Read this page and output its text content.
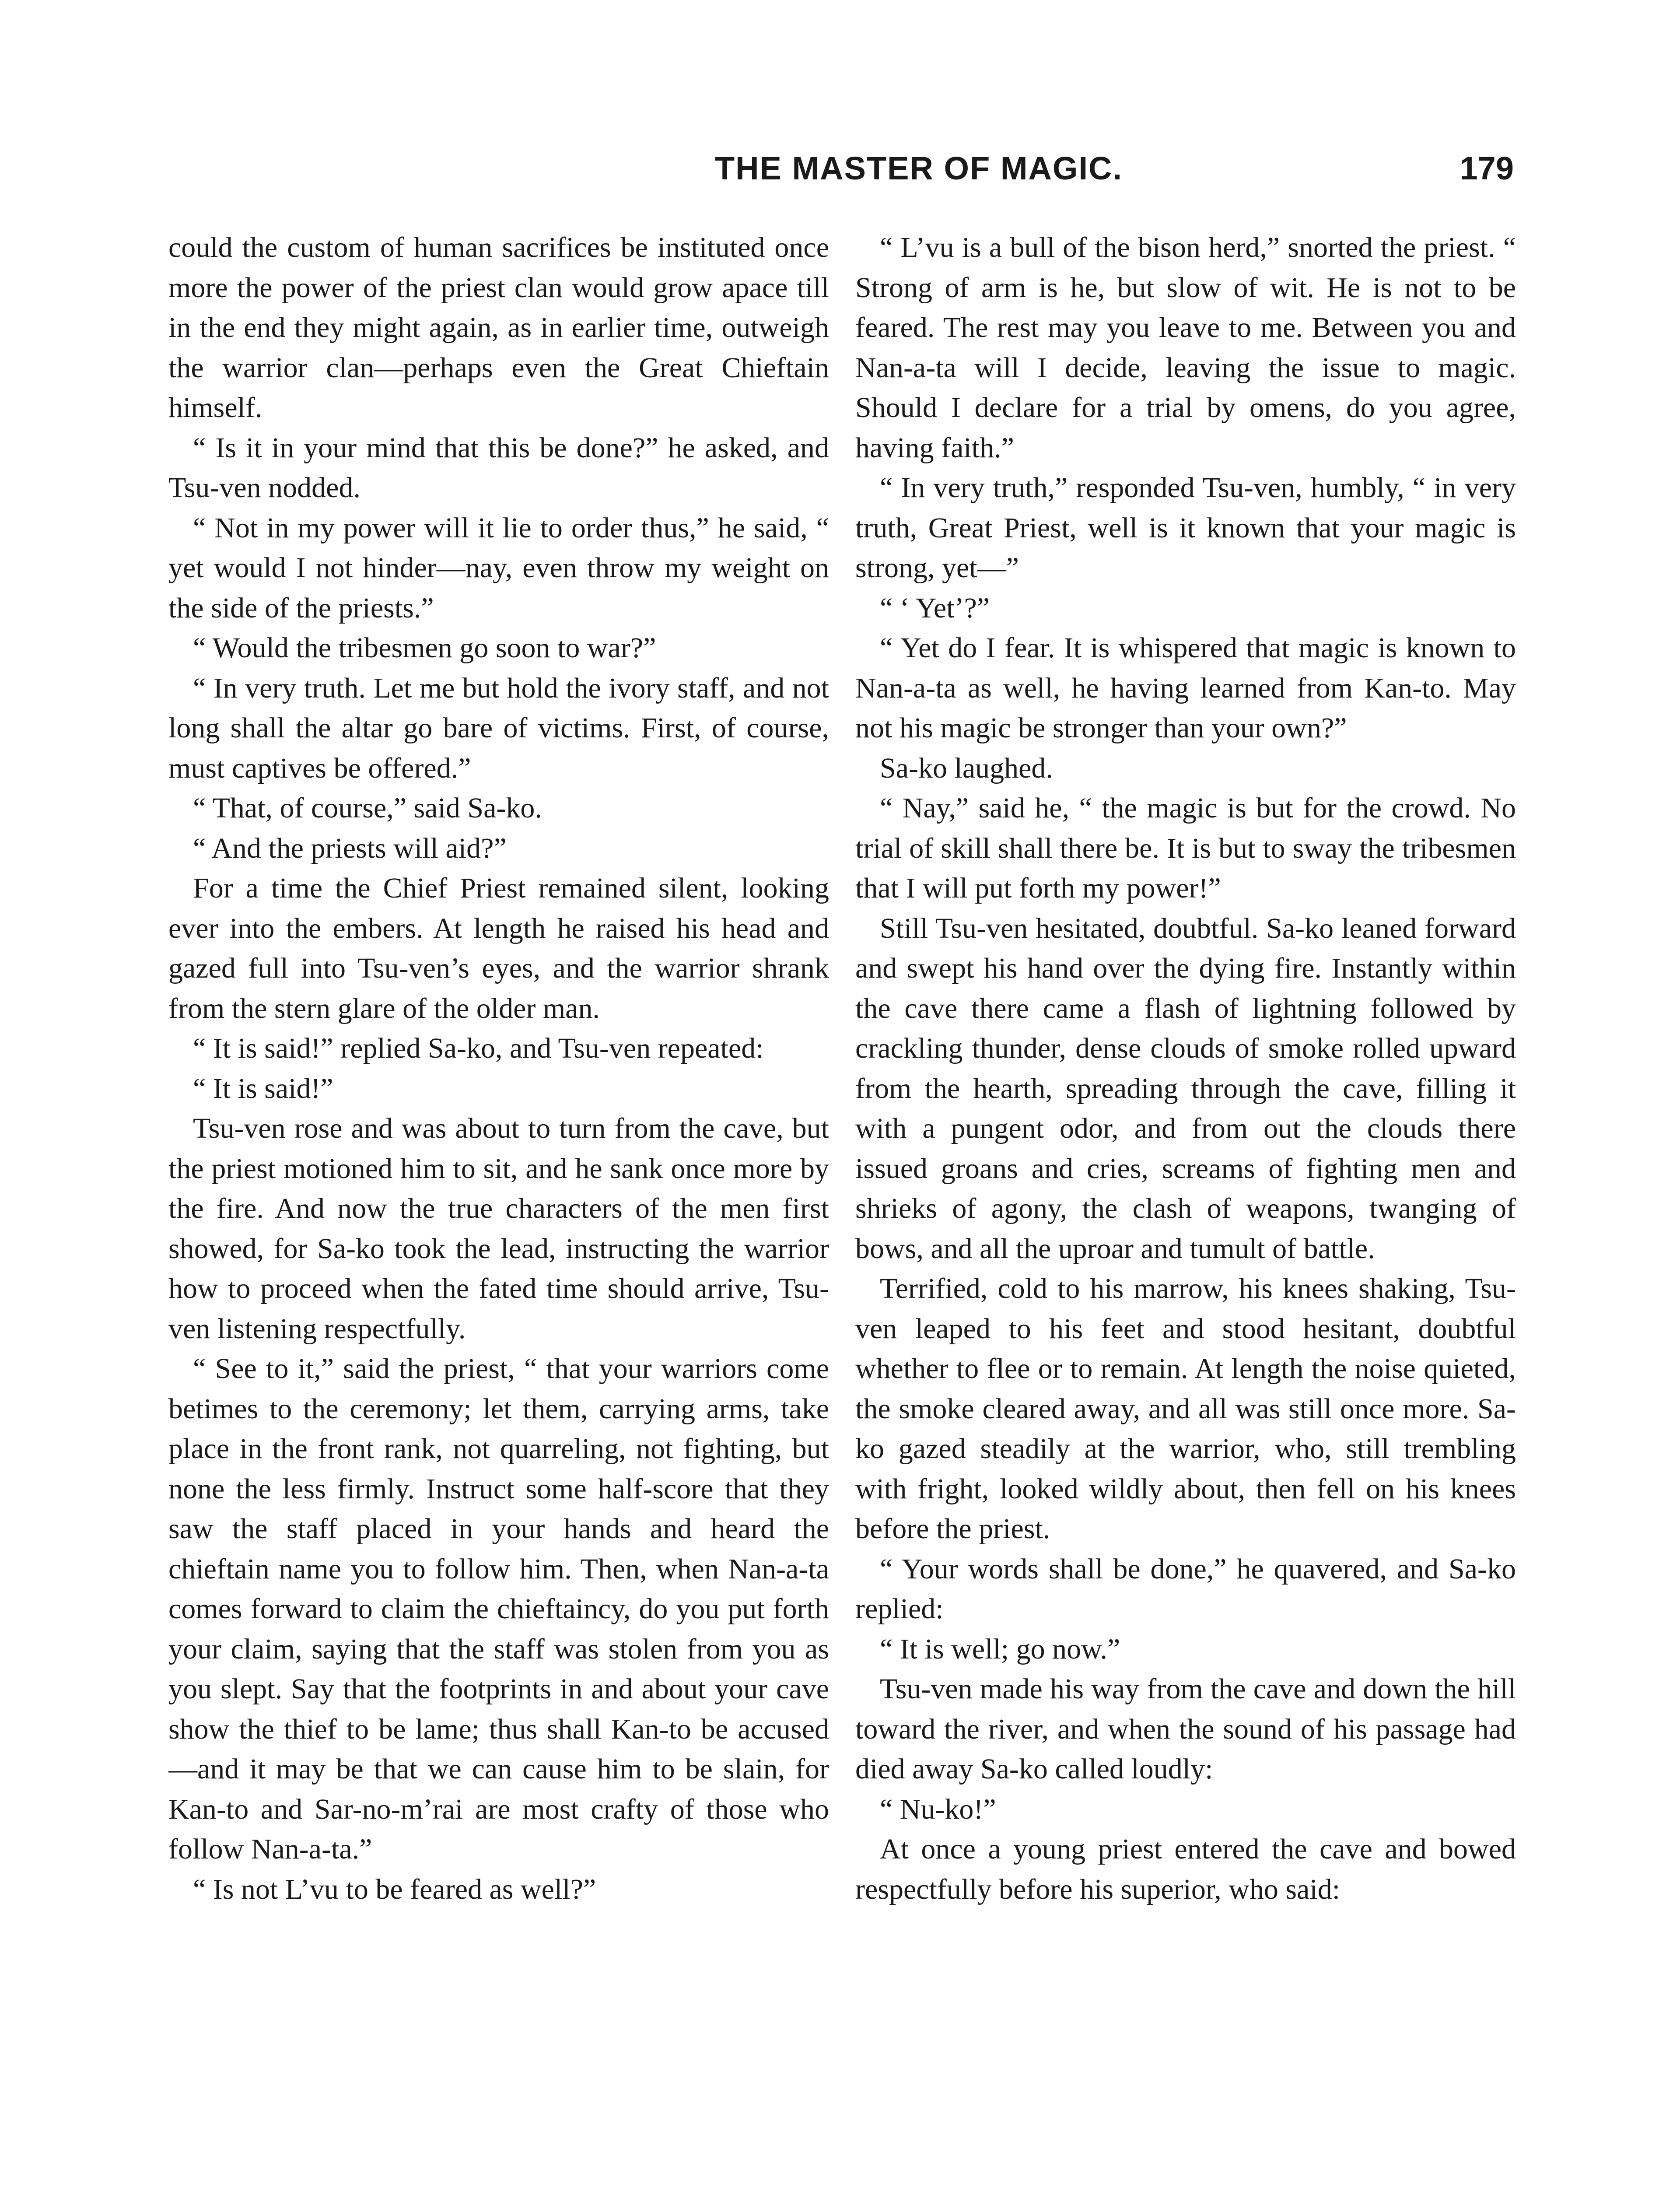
THE MASTER OF MAGIC.	179

could the custom of human sacrifices be instituted once more the power of the priest clan would grow apace till in the end they might again, as in earlier time, outweigh the warrior clan—perhaps even the Great Chieftain himself.

“ Is it in your mind that this be done?” he asked, and Tsu-ven nodded.

“ Not in my power will it lie to order thus,” he said, “ yet would I not hinder—nay, even throw my weight on the side of the priests.”

“ Would the tribesmen go soon to war?”

“ In very truth. Let me but hold the ivory staff, and not long shall the altar go bare of victims. First, of course, must captives be offered.”

“ That, of course,” said Sa-ko.

“ And the priests will aid?”

For a time the Chief Priest remained silent, looking ever into the embers. At length he raised his head and gazed full into Tsu-ven’s eyes, and the warrior shrank from the stern glare of the older man.

“ It is said!” replied Sa-ko, and Tsu-ven repeated:

“ It is said!”

Tsu-ven rose and was about to turn from the cave, but the priest motioned him to sit, and he sank once more by the fire. And now the true characters of the men first showed, for Sa-ko took the lead, instructing the warrior how to proceed when the fated time should arrive, Tsu-ven listening respectfully.

“ See to it,” said the priest, “ that your warriors come betimes to the ceremony; let them, carrying arms, take place in the front rank, not quarreling, not fighting, but none the less firmly. Instruct some half-score that they saw the staff placed in your hands and heard the chieftain name you to follow him. Then, when Nan-a-ta comes forward to claim the chieftaincy, do you put forth your claim, saying that the staff was stolen from you as you slept. Say that the footprints in and about your cave show the thief to be lame; thus shall Kan-to be accused—and it may be that we can cause him to be slain, for Kan-to and Sar-no-m’rai are most crafty of those who follow Nan-a-ta.”

“ Is not L’vu to be feared as well?”

“ L’vu is a bull of the bison herd,” snorted the priest. “ Strong of arm is he, but slow of wit. He is not to be feared. The rest may you leave to me. Between you and Nan-a-ta will I decide, leaving the issue to magic. Should I declare for a trial by omens, do you agree, having faith.”

“ In very truth,” responded Tsu-ven, humbly, “ in very truth, Great Priest, well is it known that your magic is strong, yet—”

“ ‘ Yet’?”

“ Yet do I fear. It is whispered that magic is known to Nan-a-ta as well, he having learned from Kan-to. May not his magic be stronger than your own?”

Sa-ko laughed.

“ Nay,” said he, “ the magic is but for the crowd. No trial of skill shall there be. It is but to sway the tribesmen that I will put forth my power!”

Still Tsu-ven hesitated, doubtful. Sa-ko leaned forward and swept his hand over the dying fire. Instantly within the cave there came a flash of lightning followed by crackling thunder, dense clouds of smoke rolled upward from the hearth, spreading through the cave, filling it with a pungent odor, and from out the clouds there issued groans and cries, screams of fighting men and shrieks of agony, the clash of weapons, twanging of bows, and all the uproar and tumult of battle.

Terrified, cold to his marrow, his knees shaking, Tsu-ven leaped to his feet and stood hesitant, doubtful whether to flee or to remain. At length the noise quieted, the smoke cleared away, and all was still once more. Sa-ko gazed steadily at the warrior, who, still trembling with fright, looked wildly about, then fell on his knees before the priest.

“ Your words shall be done,” he quavered, and Sa-ko replied:

“ It is well; go now.”

Tsu-ven made his way from the cave and down the hill toward the river, and when the sound of his passage had died away Sa-ko called loudly:

“ Nu-ko!”

At once a young priest entered the cave and bowed respectfully before his superior, who said:
